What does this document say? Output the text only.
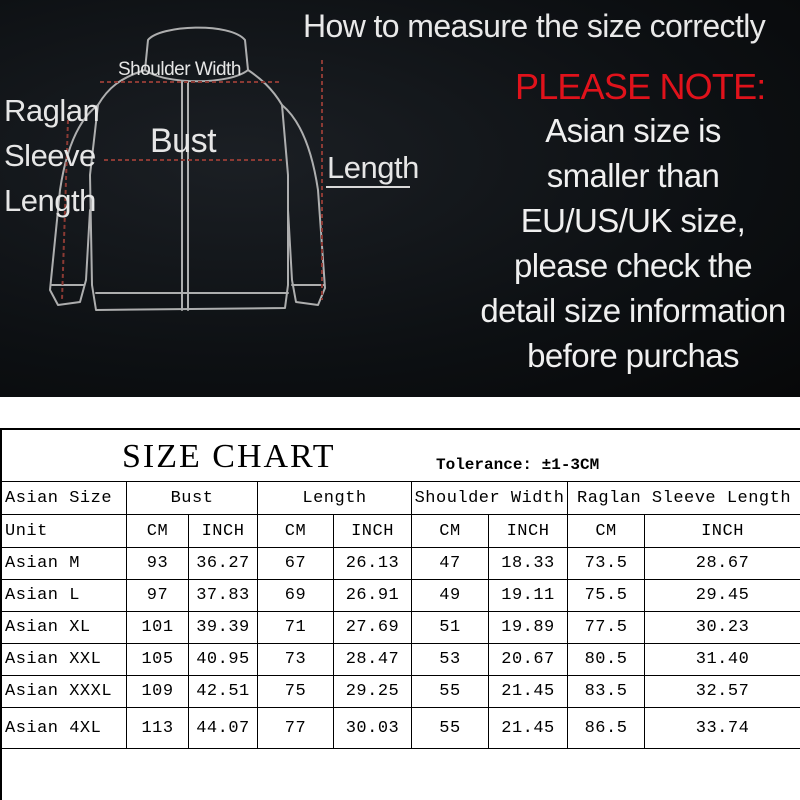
How to measure the size correctly
Shoulder Width
Bust
Raglan
Sleeve
Length
Length
PLEASE NOTE:
Asian size is
smaller than
EU/US/UK size,
please check the
detail size information
before purchas
SIZE CHART	Tolerance: ±1-3CM
Asian Size	Bust		Length		Shoulder Width		Raglan Sleeve Length	
Unit	CM	INCH	CM	INCH	CM	INCH	CM	INCH
Asian M	93	36.27	67	26.13	47	18.33	73.5	28.67
Asian L	97	37.83	69	26.91	49	19.11	75.5	29.45
Asian XL	101	39.39	71	27.69	51	19.89	77.5	30.23
Asian XXL	105	40.95	73	28.47	53	20.67	80.5	31.40
Asian XXXL	109	42.51	75	29.25	55	21.45	83.5	32.57
Asian 4XL	113	44.07	77	30.03	55	21.45	86.5	33.74
